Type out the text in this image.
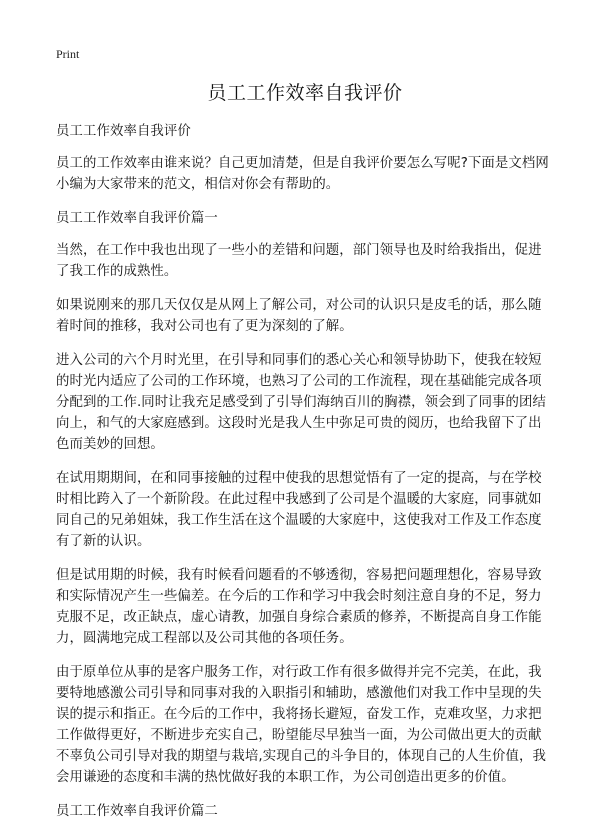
Print
员工工作效率自我评价

员工工作效率自我评价

员工的工作效率由谁来说？自己更加清楚，但是自我评价要怎么写呢?下面是文档网小编为大家带来的范文，相信对你会有帮助的。

员工工作效率自我评价篇一

当然，在工作中我也出现了一些小的差错和问题，部门领导也及时给我指出，促进了我工作的成熟性。

如果说刚来的那几天仅仅是从网上了解公司，对公司的认识只是皮毛的话，那么随着时间的推移，我对公司也有了更为深刻的了解。

进入公司的六个月时光里，在引导和同事们的悉心关心和领导协助下，使我在较短的时光内适应了公司的工作环境，也熟习了公司的工作流程，现在基础能完成各项分配到的工作.同时让我充足感受到了引导们海纳百川的胸襟，领会到了同事的团结向上，和气的大家庭感到。这段时光是我人生中弥足可贵的阅历，也给我留下了出色而美妙的回想。

在试用期期间，在和同事接触的过程中使我的思想觉悟有了一定的提高，与在学校时相比跨入了一个新阶段。在此过程中我感到了公司是个温暖的大家庭，同事就如同自己的兄弟姐妹，我工作生活在这个温暖的大家庭中，这使我对工作及工作态度有了新的认识。

但是试用期的时候，我有时候看问题看的不够透彻，容易把问题理想化，容易导致和实际情况产生一些偏差。在今后的工作和学习中我会时刻注意自身的不足，努力克服不足，改正缺点，虚心请教，加强自身综合素质的修养，不断提高自身工作能力，圆满地完成工程部以及公司其他的各项任务。

由于原单位从事的是客户服务工作，对行政工作有很多做得并完不完美，在此，我要特地感激公司引导和同事对我的入职指引和辅助，感激他们对我工作中呈现的失误的提示和指正。在今后的工作中，我将扬长避短，奋发工作，克难攻坚，力求把工作做得更好，不断进步充实自己，盼望能尽早独当一面，为公司做出更大的贡献不辜负公司引导对我的期望与栽培,实现自己的斗争目的，体现自己的人生价值，我会用谦逊的态度和丰满的热忱做好我的本职工作，为公司创造出更多的价值。

员工工作效率自我评价篇二
